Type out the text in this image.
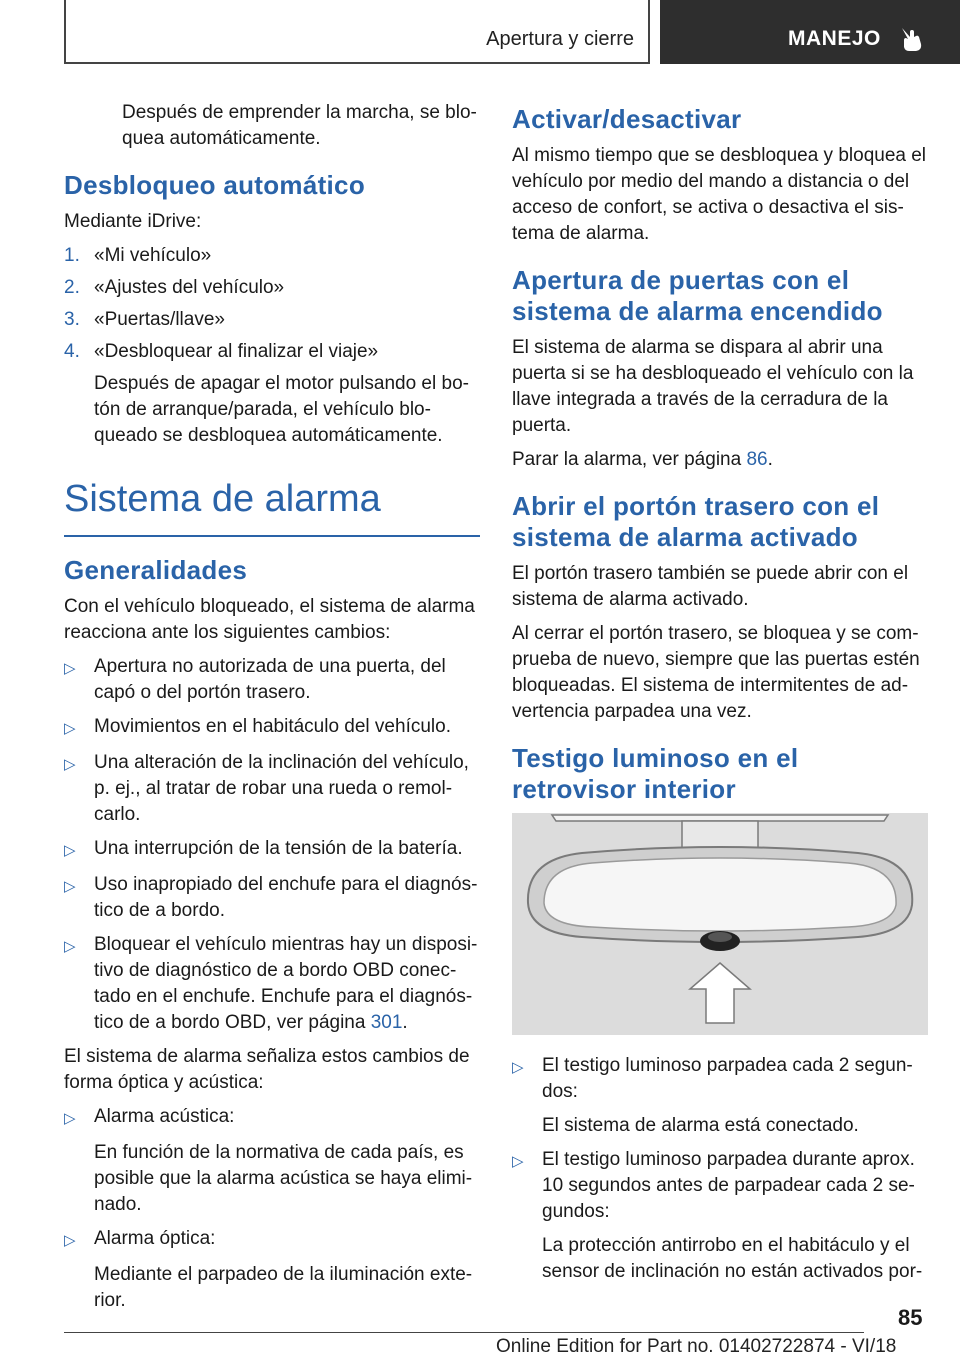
Apertura y cierre	MANEJO

Después de emprender la marcha, se blo-quea automáticamente.

Desbloqueo automático

Mediante iDrive:

1. «Mi vehículo»
2. «Ajustes del vehículo»
3. «Puertas/llave»
4. «Desbloquear al finalizar el viaje»

Después de apagar el motor pulsando el bo-tón de arranque/parada, el vehículo blo-queado se desbloquea automáticamente.

Sistema de alarma
Generalidades

Con el vehículo bloqueado, el sistema de alarma reacciona ante los siguientes cambios:

▷ Apertura no autorizada de una puerta, del capó o del portón trasero.
▷ Movimientos en el habitáculo del vehículo.
▷ Una alteración de la inclinación del vehículo, p. ej., al tratar de robar una rueda o remol-carlo.
▷ Una interrupción de la tensión de la batería.
▷ Uso inapropiado del enchufe para el diagnós-tico de a bordo.
▷ Bloquear el vehículo mientras hay un disposi-tivo de diagnóstico de a bordo OBD conec-tado en el enchufe. Enchufe para el diagnós-tico de a bordo OBD, ver página 301.

El sistema de alarma señaliza estos cambios de forma óptica y acústica:

▷ Alarma acústica:

En función de la normativa de cada país, es posible que la alarma acústica se haya elimi-nado.

▷ Alarma óptica:

Mediante el parpadeo de la iluminación exte-rior.

Activar/desactivar

Al mismo tiempo que se desbloquea y bloquea el vehículo por medio del mando a distancia o del acceso de confort, se activa o desactiva el sis-tema de alarma.

Apertura de puertas con el sistema de alarma encendido

El sistema de alarma se dispara al abrir una puerta si se ha desbloqueado el vehículo con la llave integrada a través de la cerradura de la puerta.

Parar la alarma, ver página 86.

Abrir el portón trasero con el sistema de alarma activado

El portón trasero también se puede abrir con el sistema de alarma activado.

Al cerrar el portón trasero, se bloquea y se com-prueba de nuevo, siempre que las puertas estén bloqueadas. El sistema de intermitentes de ad-vertencia parpadea una vez.

Testigo luminoso en el retrovisor interior
▷ El testigo luminoso parpadea cada 2 segun-dos:

El sistema de alarma está conectado.

▷ El testigo luminoso parpadea durante aprox. 10 segundos antes de parpadear cada 2 se-gundos:

La protección antirrobo en el habitáculo y el sensor de inclinación no están activados por-

85
Online Edition for Part no. 01402722874 - VI/18
